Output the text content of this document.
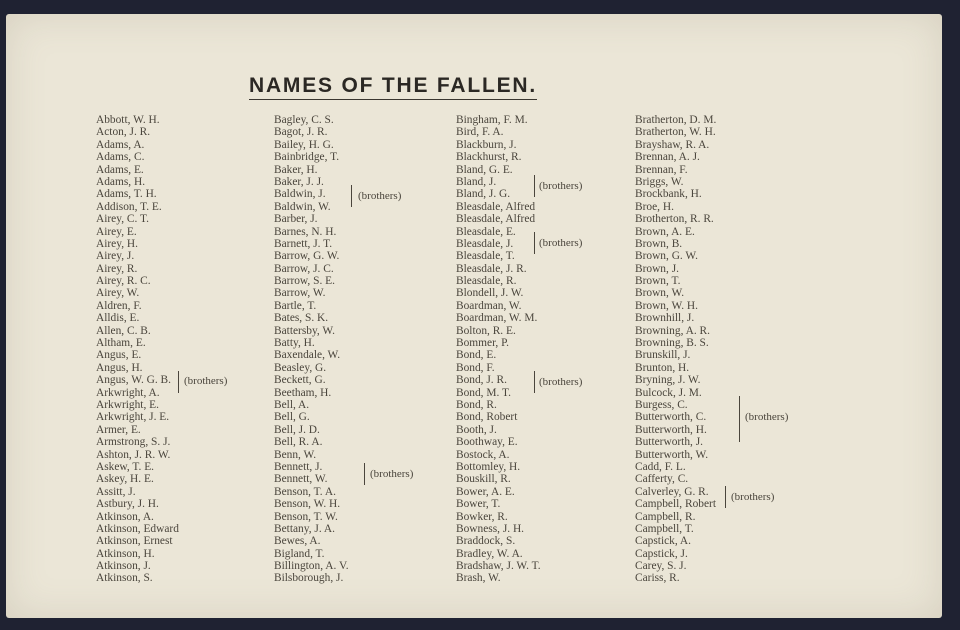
NAMES OF THE FALLEN.
Abbott, W. H.
Acton, J. R.
Adams, A.
Adams, C.
Adams, E.
Adams, H.
Adams, T. H.
Addison, T. E.
Airey, C. T.
Airey, E.
Airey, H.
Airey, J.
Airey, R.
Airey, R. C.
Airey, W.
Aldren, F.
Alldis, E.
Allen, C. B.
Altham, E.
Angus, E.
Angus, H.
Angus, W. G. B.
Arkwright, A.
Arkwright, E.
Arkwright, J. E.
Armer, E.
Armstrong, S. J.
Ashton, J. R. W.
Askew, T. E.
Askey, H. E.
Assitt, J.
Astbury, J. H.
Atkinson, A.
Atkinson, Edward
Atkinson, Ernest
Atkinson, H.
Atkinson, J.
Atkinson, S.
Bagley, C. S.
Bagot, J. R.
Bailey, H. G.
Bainbridge, T.
Baker, H.
Baker, J. J.
Baldwin, J.
Baldwin, W.
Barber, J.
Barnes, N. H.
Barnett, J. T.
Barrow, G. W.
Barrow, J. C.
Barrow, S. E.
Barrow, W.
Bartle, T.
Bates, S. K.
Battersby, W.
Batty, H.
Baxendale, W.
Beasley, G.
Beckett, G.
Beetham, H.
Bell, A.
Bell, G.
Bell, J. D.
Bell, R. A.
Benn, W.
Bennett, J.
Bennett, W.
Benson, T. A.
Benson, W. H.
Benson, T. W.
Bettany, J. A.
Bewes, A.
Bigland, T.
Billington, A. V.
Bilsborough, J.
Bingham, F. M.
Bird, F. A.
Blackburn, J.
Blackhurst, R.
Bland, G. E.
Bland, J.
Bland, J. G.
Bleasdale, Alfred
Bleasdale, Alfred
Bleasdale, E.
Bleasdale, J.
Bleasdale, T.
Bleasdale, J. R.
Bleasdale, R.
Blondell, J. W.
Boardman, W.
Boardman, W. M.
Bolton, R. E.
Bommer, P.
Bond, E.
Bond, F.
Bond, J. R.
Bond, M. T.
Bond, R.
Bond, Robert
Booth, J.
Boothway, E.
Bostock, A.
Bottomley, H.
Bouskill, R.
Bower, A. E.
Bower, T.
Bowker, R.
Bowness, J. H.
Braddock, S.
Bradley, W. A.
Bradshaw, J. W. T.
Brash, W.
Bratherton, D. M.
Bratherton, W. H.
Brayshaw, R. A.
Brennan, A. J.
Brennan, F.
Briggs, W.
Brockbank, H.
Broe, H.
Brotherton, R. R.
Brown, A. E.
Brown, B.
Brown, G. W.
Brown, J.
Brown, T.
Brown, W.
Brown, W. H.
Brownhill, J.
Browning, A. R.
Browning, B. S.
Brunskill, J.
Brunton, H.
Bryning, J. W.
Bulcock, J. M.
Burgess, C.
Butterworth, C.
Butterworth, H.
Butterworth, J.
Butterworth, W.
Cadd, F. L.
Cafferty, C.
Calverley, G. R.
Campbell, Robert
Campbell, R.
Campbell, T.
Capstick, A.
Capstick, J.
Carey, S. J.
Cariss, R.
(brothers)
(brothers)
(brothers)
(brothers)
(brothers)
(brothers)
(brothers)
(brothers)
